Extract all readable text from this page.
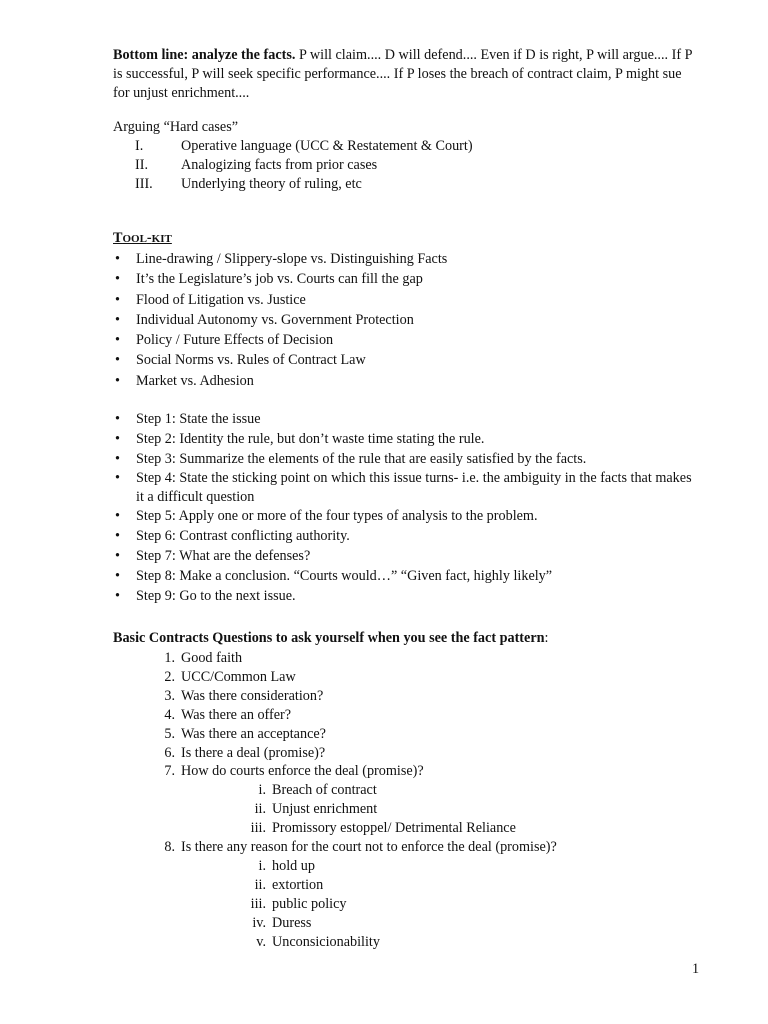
Bottom line: analyze the facts. P will claim.... D will defend.... Even if D is right, P will argue.... If P is successful, P will seek specific performance.... If P loses the breach of contract claim, P might sue for unjust enrichment....
Arguing “Hard cases”
I.	Operative language (UCC & Restatement & Court)
II.	Analogizing facts from prior cases
III.	Underlying theory of ruling, etc
TOOL-KIT
• Line-drawing / Slippery-slope vs. Distinguishing Facts
• It’s the Legislature’s job vs. Courts can fill the gap
• Flood of Litigation vs. Justice
• Individual Autonomy vs. Government Protection
• Policy / Future Effects of Decision
• Social Norms vs. Rules of Contract Law
• Market vs. Adhesion
• Step 1: State the issue
• Step 2: Identity the rule, but don’t waste time stating the rule.
• Step 3: Summarize the elements of the rule that are easily satisfied by the facts.
• Step 4: State the sticking point on which this issue turns- i.e. the ambiguity in the facts that makes it a difficult question
• Step 5: Apply one or more of the four types of analysis to the problem.
• Step 6: Contrast conflicting authority.
• Step 7: What are the defenses?
• Step 8: Make a conclusion. “Courts would…” “Given fact, highly likely”
• Step 9: Go to the next issue.
Basic Contracts Questions to ask yourself when you see the fact pattern:
1. Good faith
2. UCC/Common Law
3. Was there consideration?
4. Was there an offer?
5. Was there an acceptance?
6. Is there a deal (promise)?
7. How do courts enforce the deal (promise)?
i. Breach of contract
ii. Unjust enrichment
iii. Promissory estoppel/ Detrimental Reliance
8. Is there any reason for the court not to enforce the deal (promise)?
i. hold up
ii. extortion
iii. public policy
iv. Duress
v. Unconsicionability
1
